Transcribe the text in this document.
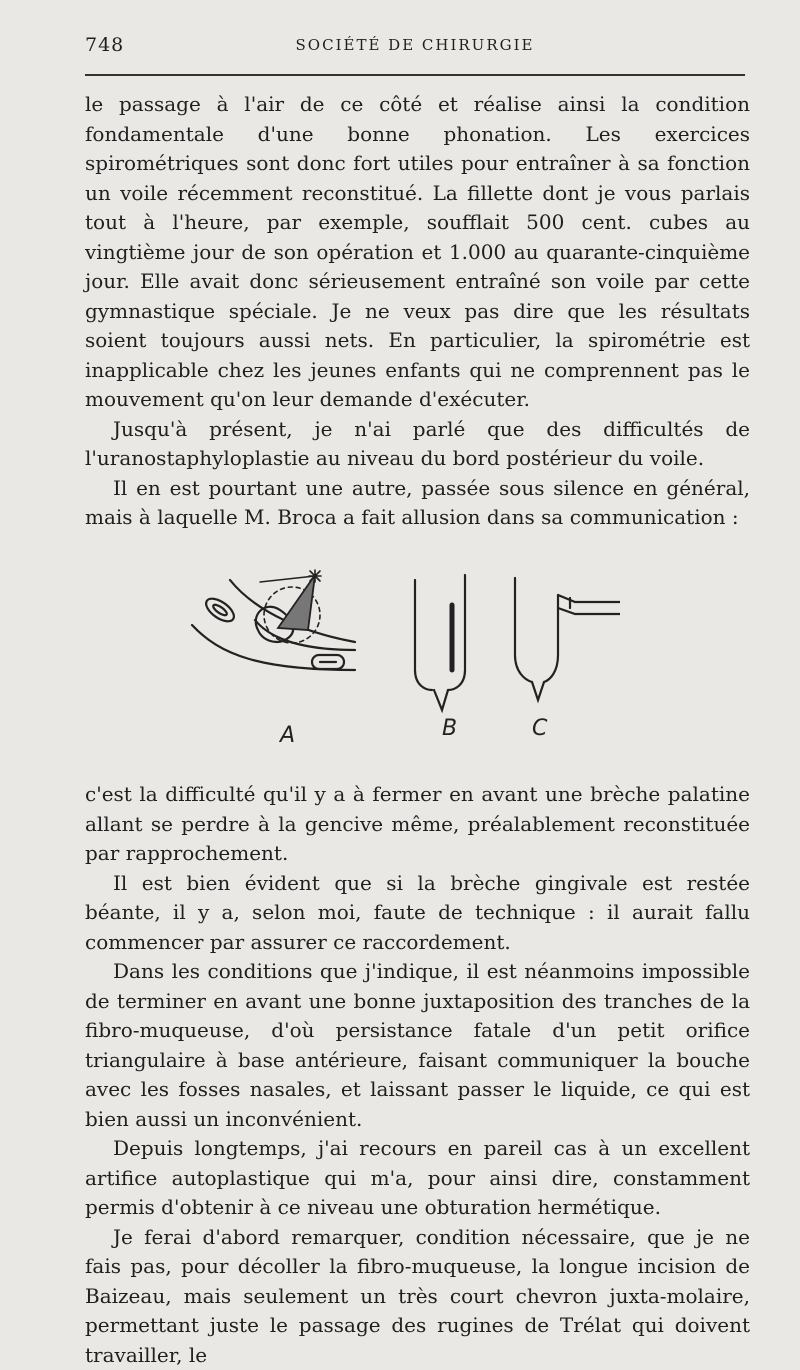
748	SOCIÉTÉ DE CHIRURGIE

le passage à l'air de ce côté et réalise ainsi la condition fondamentale d'une bonne phonation. Les exercices spirométriques sont donc fort utiles pour entraîner à sa fonction un voile récemment reconstitué. La fillette dont je vous parlais tout à l'heure, par exemple, soufflait 500 cent. cubes au vingtième jour de son opération et 1.000 au quarante-cinquième jour. Elle avait donc sérieusement entraîné son voile par cette gymnastique spéciale. Je ne veux pas dire que les résultats soient toujours aussi nets. En particulier, la spirométrie est inapplicable chez les jeunes enfants qui ne comprennent pas le mouvement qu'on leur demande d'exécuter.

Jusqu'à présent, je n'ai parlé que des difficultés de l'uranostaphyloplastie au niveau du bord postérieur du voile.

Il en est pourtant une autre, passée sous silence en général, mais à laquelle M. Broca a fait allusion dans sa communication :

A	B	C

c'est la difficulté qu'il y a à fermer en avant une brèche palatine allant se perdre à la gencive même, préalablement reconstituée par rapprochement.

Il est bien évident que si la brèche gingivale est restée béante, il y a, selon moi, faute de technique : il aurait fallu commencer par assurer ce raccordement.

Dans les conditions que j'indique, il est néanmoins impossible de terminer en avant une bonne juxtaposition des tranches de la fibro-muqueuse, d'où persistance fatale d'un petit orifice triangulaire à base antérieure, faisant communiquer la bouche avec les fosses nasales, et laissant passer le liquide, ce qui est bien aussi un inconvénient.

Depuis longtemps, j'ai recours en pareil cas à un excellent artifice autoplastique qui m'a, pour ainsi dire, constamment permis d'obtenir à ce niveau une obturation hermétique.

Je ferai d'abord remarquer, condition nécessaire, que je ne fais pas, pour décoller la fibro-muqueuse, la longue incision de Baizeau, mais seulement un très court chevron juxta-molaire, permettant juste le passage des rugines de Trélat qui doivent travailler, le
